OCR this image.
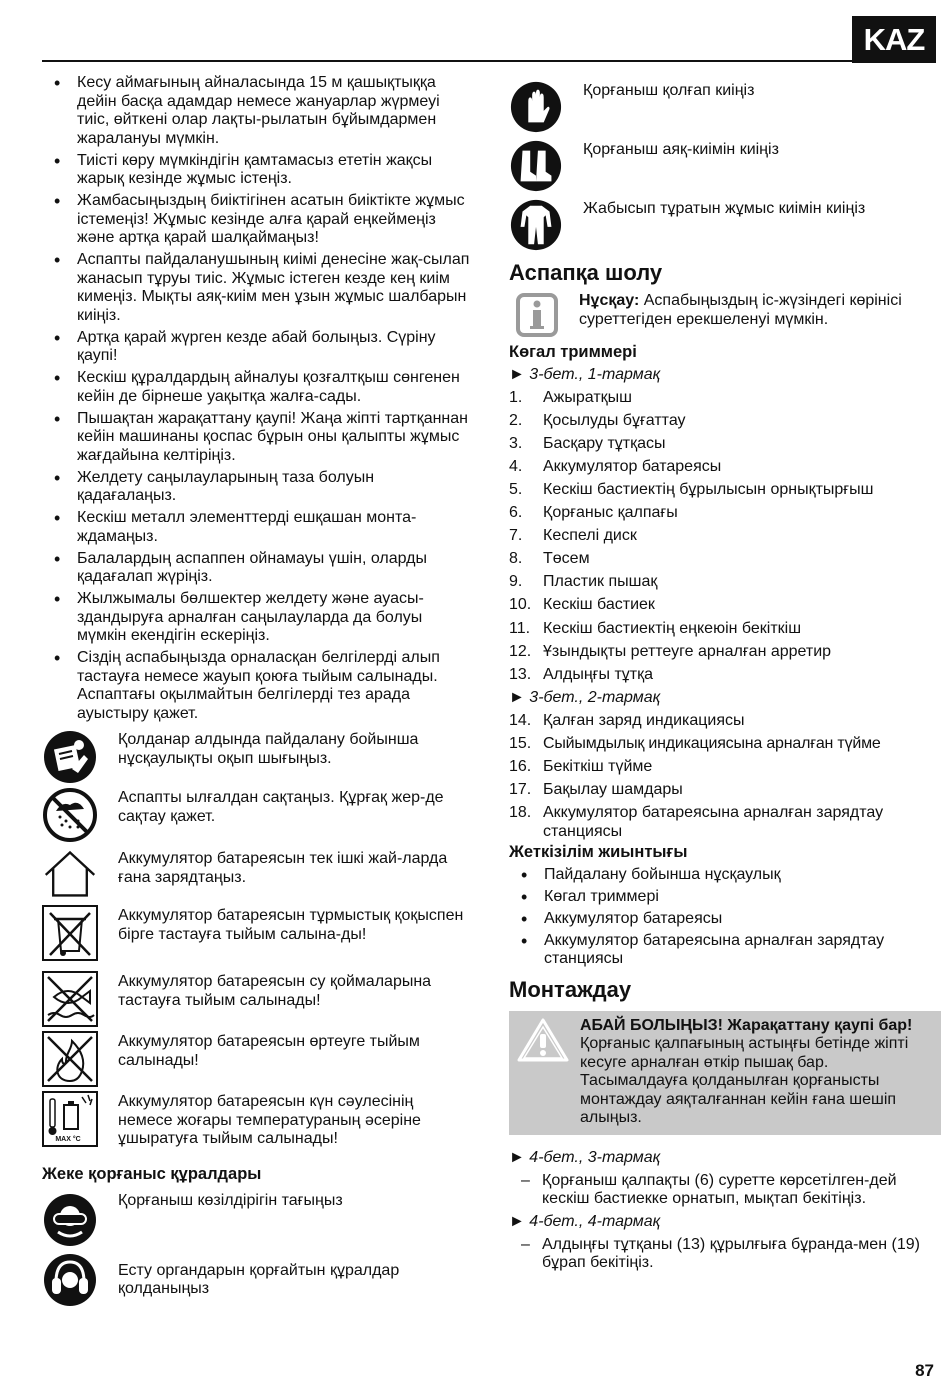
KAZ
• Кесу аймағының айналасында 15 м қашықтыққа дейін басқа адамдар немесе жануарлар жүрмеуі тиіс, өйткені олар лақты-рылатын бұйымдармен жаралануы мүмкін.
• Тиісті көру мүмкіндігін қамтамасыз ететін жақсы жарық кезінде жұмыс істеңіз.
• Жамбасыңыздың биіктігінен асатын биіктікте жұмыс істемеңіз! Жұмыс кезінде алға қарай еңкеймеңіз және артқа қарай шалқаймаңыз!
• Аспапты пайдаланушының киімі денесіне жақ-сылап жанасып тұруы тиіс. Жұмыс істеген кезде кең киім кимеңіз. Мықты аяқ-киім мен ұзын жұмыс шалбарын киіңіз.
• Артқа қарай жүрген кезде абай болыңыз. Сүріну қаупі!
• Кескіш құралдардың айналуы қозғалтқыш сөнгенен кейін де бірнеше уақытқа жалға-сады.
• Пышақтан жарақаттану қаупі! Жаңа жіпті тартқаннан кейін машинаны қоспас бұрын оны қалыпты жұмыс жағдайына келтіріңіз.
• Желдету саңылауларының таза болуын қадағалаңыз.
• Кескіш металл элементтерді ешқашан монта-ждамаңыз.
• Балалардың аспаппен ойнамауы үшін, оларды қадағалап жүріңіз.
• Жылжымалы бөлшектер желдету және ауасы-здандыруға арналған саңылауларда да болуы мүмкін екендігін ескеріңіз.
• Сіздің аспабыңызда орналасқан белгілерді алып тастауға немесе жауып қоюға тыйым салынады. Аспаптағы оқылмайтын белгілерді тез арада ауыстыру қажет.
Қолданар алдында пайдалану бойынша нұсқаулықты оқып шығыңыз.
Аспапты ылғалдан сақтаңыз. Құрғақ жер-де сақтау қажет.
Аккумулятор батареясын тек ішкі жай-ларда ғана зарядтаңыз.
Аккумулятор батареясын тұрмыстық қоқыспен бірге тастауға тыйым салына-ды!
Аккумулятор батареясын су қоймаларына тастауға тыйым салынады!
Аккумулятор батареясын өртеуге тыйым салынады!
MAX °C
Аккумулятор батареясын күн сәулесінің немесе жоғары температураның әсеріне ұшыратуға тыйым салынады!
Жеке қорғаныс құралдары
Қорғаныш көзілдірігін тағыңыз
Есту органдарын қорғайтын құралдар қолданыңыз
Қорғаныш қолғап киіңіз
Қорғаныш аяқ-киімін киіңіз
Жабысып тұратын жұмыс киімін киіңіз
Аспапқа шолу
Нұсқау: Аспабыңыздың іс-жүзіндегі көрінісі суреттегіден ерекшеленуі мүмкін.
Көгал триммері
► 3-бет., 1-тармақ
1.	Ажыратқыш
2.	Қосылуды бұғаттау
3.	Басқару тұтқасы
4.	Аккумулятор батареясы
5.	Кескіш бастиектің бұрылысын орнықтырғыш
6.	Қорғаныс қалпағы
7.	Кеспелі диск
8.	Төсем
9.	Пластик пышақ
10. Кескіш бастиек
11. Кескіш бастиектің еңкеюін бекіткіш
12. Ұзындықты реттеуге арналған арретир
13. Алдыңғы тұтқа
► 3-бет., 2-тармақ
14. Қалған заряд индикациясы
15. Сыйымдылық индикациясына арналған түйме
16. Бекіткіш түйме
17. Бақылау шамдары
18. Аккумулятор батареясына арналған зарядтау станциясы
Жеткізілім жиынтығы
• Пайдалану бойынша нұсқаулық
• Көгал триммері
• Аккумулятор батареясы
• Аккумулятор батареясына арналған зарядтау станциясы
Монтаждау
АБАЙ БОЛЫҢЫЗ! Жарақаттану қаупі бар! Қорғаныс қалпағының астыңғы бетінде жіпті кесуге арналған өткір пышақ бар. Тасымалдауға қолданылған қорғанысты монтаждау аяқталғаннан кейін ғана шешіп алыңыз.
► 4-бет., 3-тармақ
– Қорғаныш қалпақты (6) суретте көрсетілген-дей кескіш бастиекке орнатып, мықтап бекітіңіз.
► 4-бет., 4-тармақ
– Алдыңғы тұтқаны (13) құрылғыға бұранда-мен (19) бұрап бекітіңіз.
87
